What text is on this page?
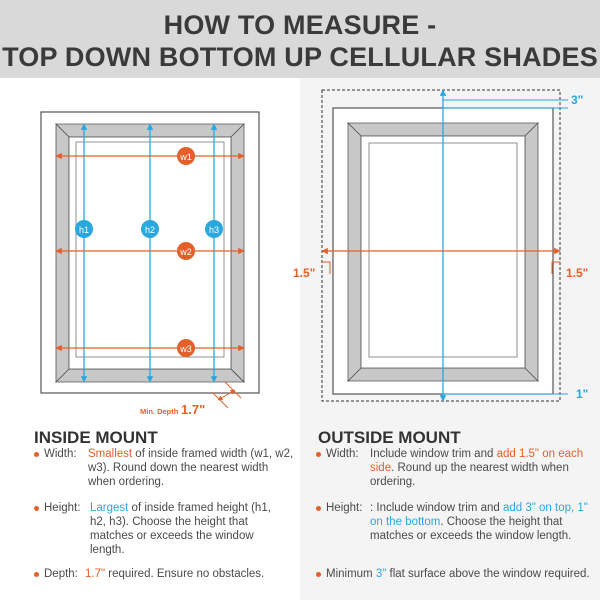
HOW TO MEASURE -
TOP DOWN BOTTOM UP CELLULAR SHADES
w1
w2
w3
h1	h2	h3
Min. Depth 1.7"
3"
1.5"	1.5"
1"
INSIDE MOUNT
Width: Smallest of inside framed width (w1, w2, w3). Round down the nearest width when ordering.
Height: Largest of inside framed height (h1, h2, h3). Choose the height that matches or exceeds the window length.
Depth: 1.7" required. Ensure no obstacles.
OUTSIDE MOUNT
Width: Include window trim and add 1.5" on each side. Round up the nearest width when ordering.
Height: : Include window trim and add 3" on top, 1" on the bottom. Choose the height that matches or exceeds the window length.
Minimum 3" flat surface above the window required.
